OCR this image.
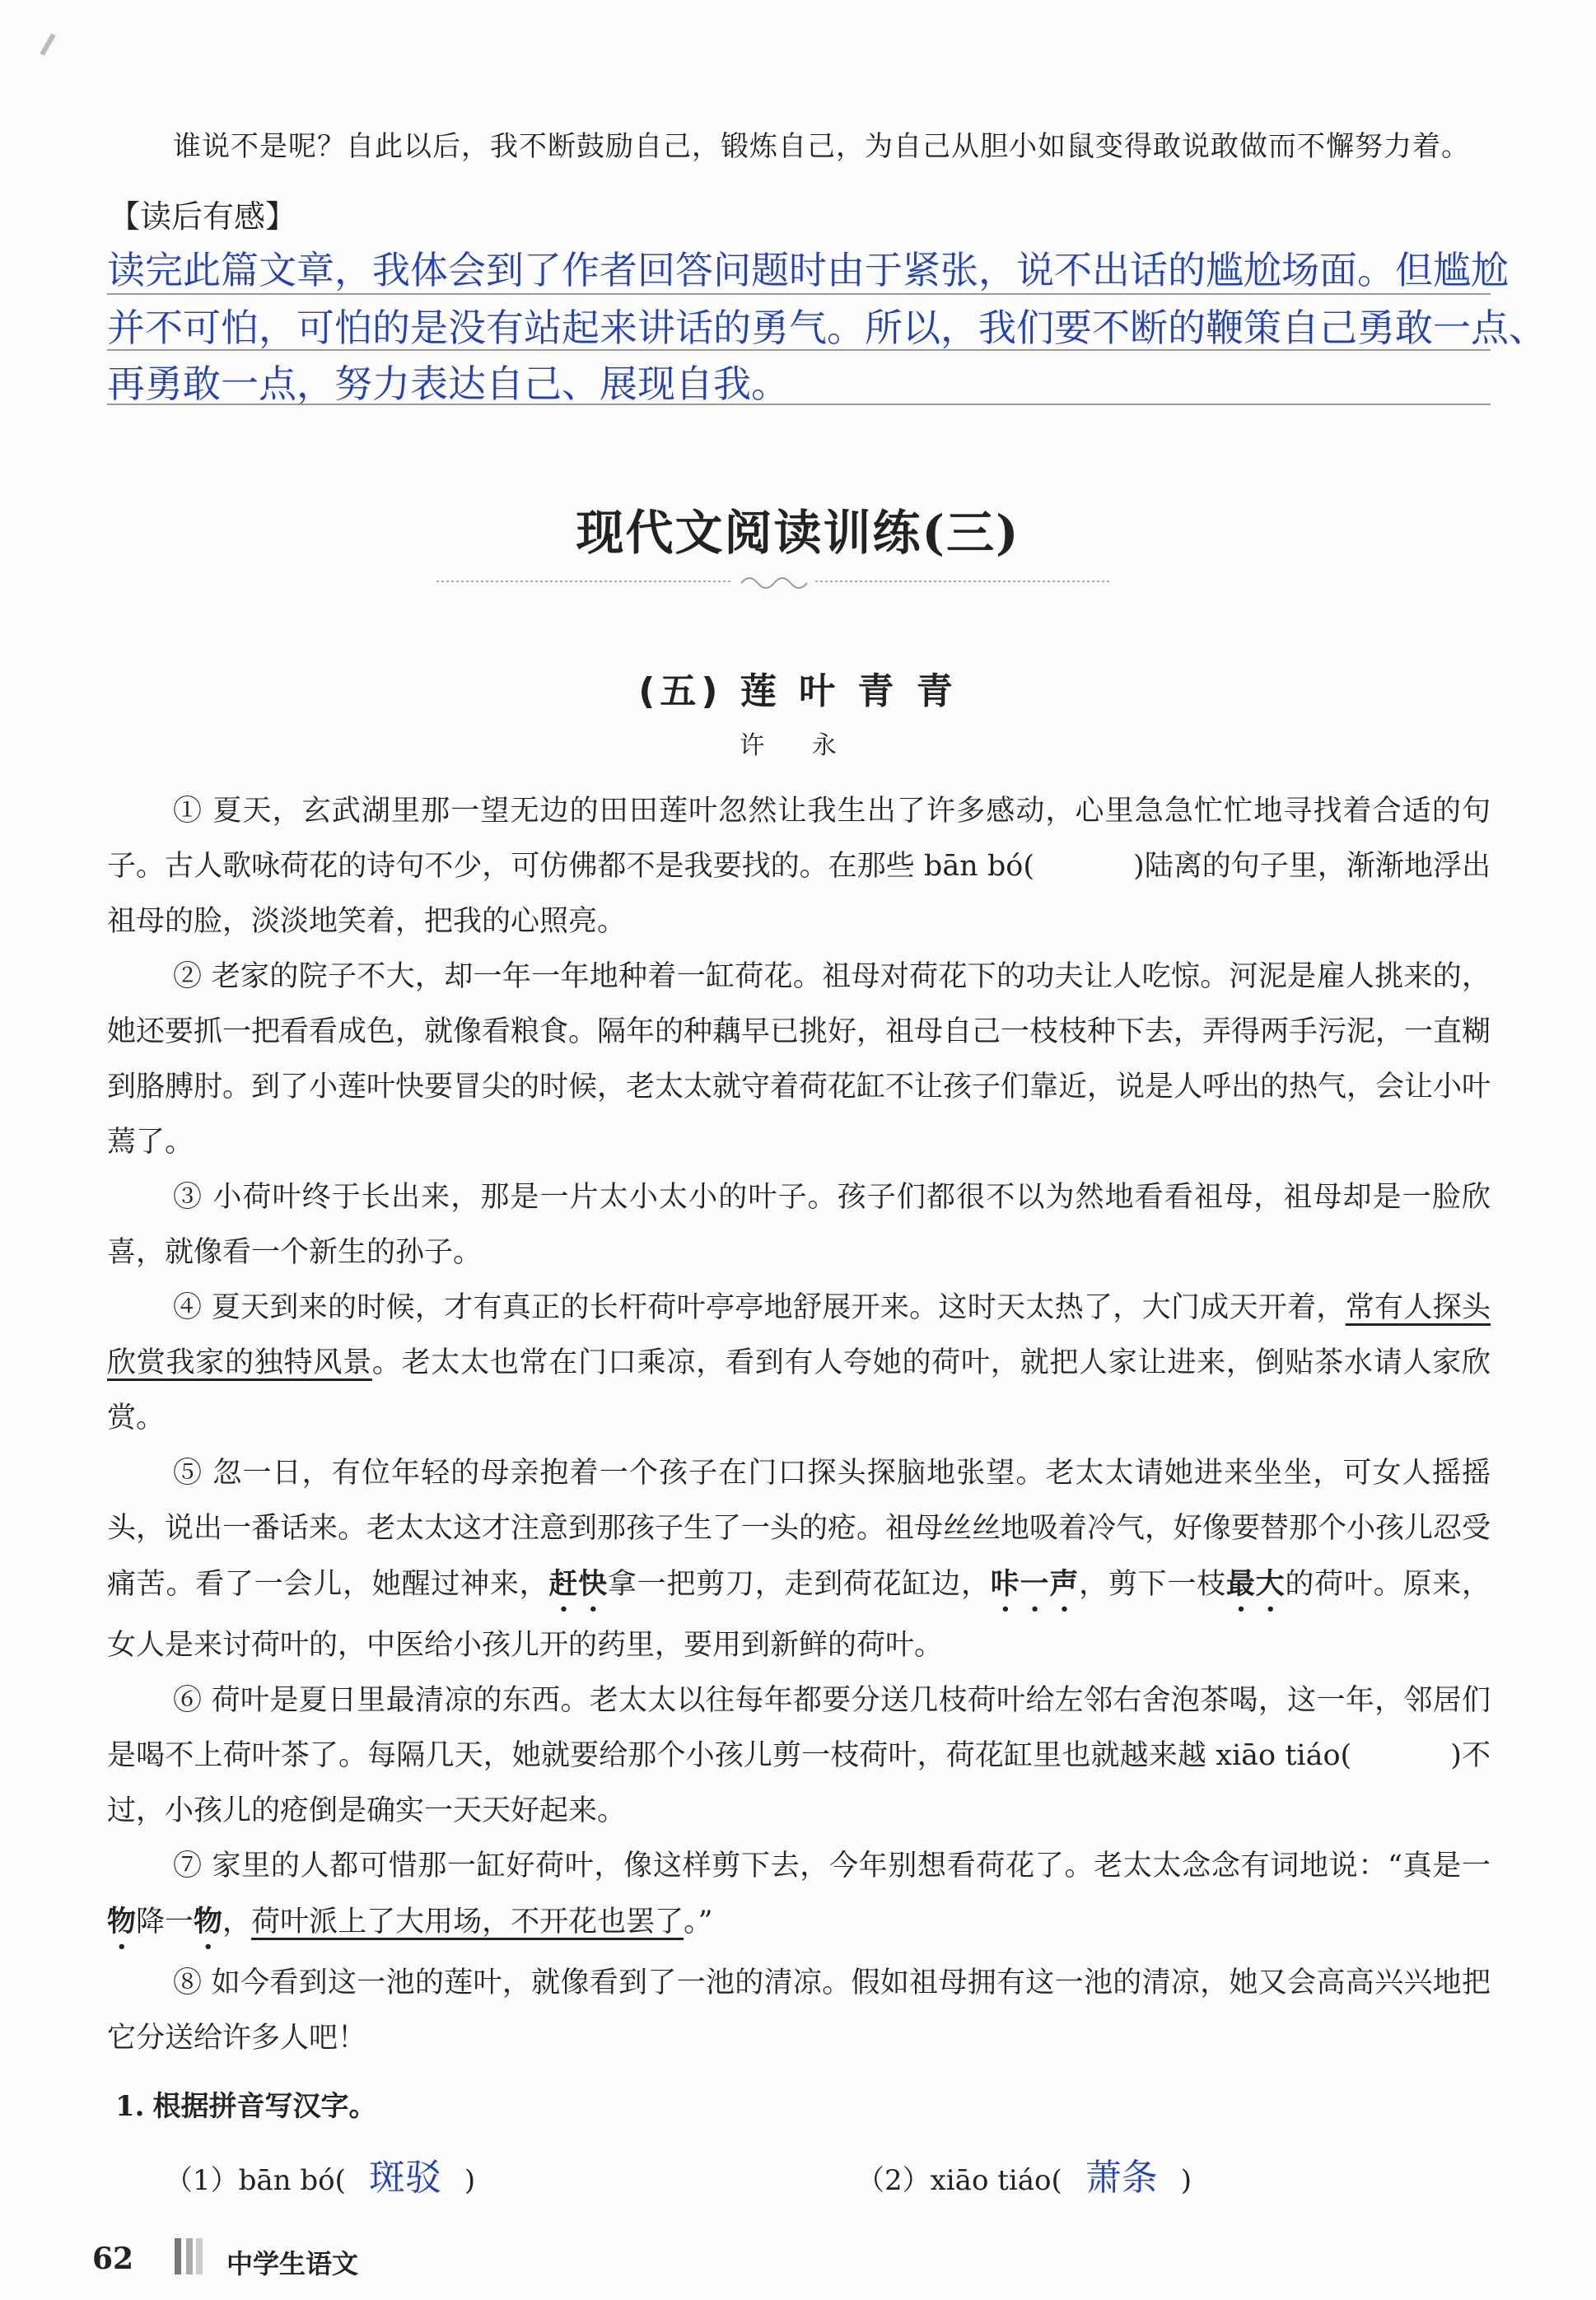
谁说不是呢？自此以后，我不断鼓励自己，锻炼自己，为自己从胆小如鼠变得敢说敢做而不懈努力着。
【读后有感】
读完此篇文章，我体会到了作者回答问题时由于紧张，说不出话的尴尬场面。但尴尬
并不可怕，可怕的是没有站起来讲话的勇气。所以，我们要不断的鞭策自己勇敢一点、
再勇敢一点，努力表达自己、展现自我。
现代文阅读训练(三)
(五) 莲 叶 青 青
许 永

① 夏天，玄武湖里那一望无边的田田莲叶忽然让我生出了许多感动，心里急急忙忙地寻找着合适的句子。古人歌咏荷花的诗句不少，可仿佛都不是我要找的。在那些 bān bó(	)陆离的句子里，渐渐地浮出祖母的脸，淡淡地笑着，把我的心照亮。

② 老家的院子不大，却一年一年地种着一缸荷花。祖母对荷花下的功夫让人吃惊。河泥是雇人挑来的，她还要抓一把看看成色，就像看粮食。隔年的种藕早已挑好，祖母自己一枝枝种下去，弄得两手污泥，一直糊到胳膊肘。到了小莲叶快要冒尖的时候，老太太就守着荷花缸不让孩子们靠近，说是人呼出的热气，会让小叶蔫了。

③ 小荷叶终于长出来，那是一片太小太小的叶子。孩子们都很不以为然地看看祖母，祖母却是一脸欣喜，就像看一个新生的孙子。

④ 夏天到来的时候，才有真正的长杆荷叶亭亭地舒展开来。这时天太热了，大门成天开着，常有人探头欣赏我家的独特风景。老太太也常在门口乘凉，看到有人夸她的荷叶，就把人家让进来，倒贴茶水请人家欣赏。

⑤ 忽一日，有位年轻的母亲抱着一个孩子在门口探头探脑地张望。老太太请她进来坐坐，可女人摇摇头，说出一番话来。老太太这才注意到那孩子生了一头的疮。祖母丝丝地吸着冷气，好像要替那个小孩儿忍受痛苦。看了一会儿，她醒过神来，赶快拿一把剪刀，走到荷花缸边，咔一声，剪下一枝最大的荷叶。原来，女人是来讨荷叶的，中医给小孩儿开的药里，要用到新鲜的荷叶。

⑥ 荷叶是夏日里最清凉的东西。老太太以往每年都要分送几枝荷叶给左邻右舍泡茶喝，这一年，邻居们是喝不上荷叶茶了。每隔几天，她就要给那个小孩儿剪一枝荷叶，荷花缸里也就越来越 xiāo tiáo(	)不过，小孩儿的疮倒是确实一天天好起来。

⑦ 家里的人都可惜那一缸好荷叶，像这样剪下去，今年别想看荷花了。老太太念念有词地说：“真是一物降一物，荷叶派上了大用场，不开花也罢了。”

⑧ 如今看到这一池的莲叶，就像看到了一池的清凉。假如祖母拥有这一池的清凉，她又会高高兴兴地把它分送给许多人吧！

1. 根据拼音写汉字。
（1）bān bó( 斑驳 )	（2）xiāo tiáo( 萧条 )
62	中学生语文
